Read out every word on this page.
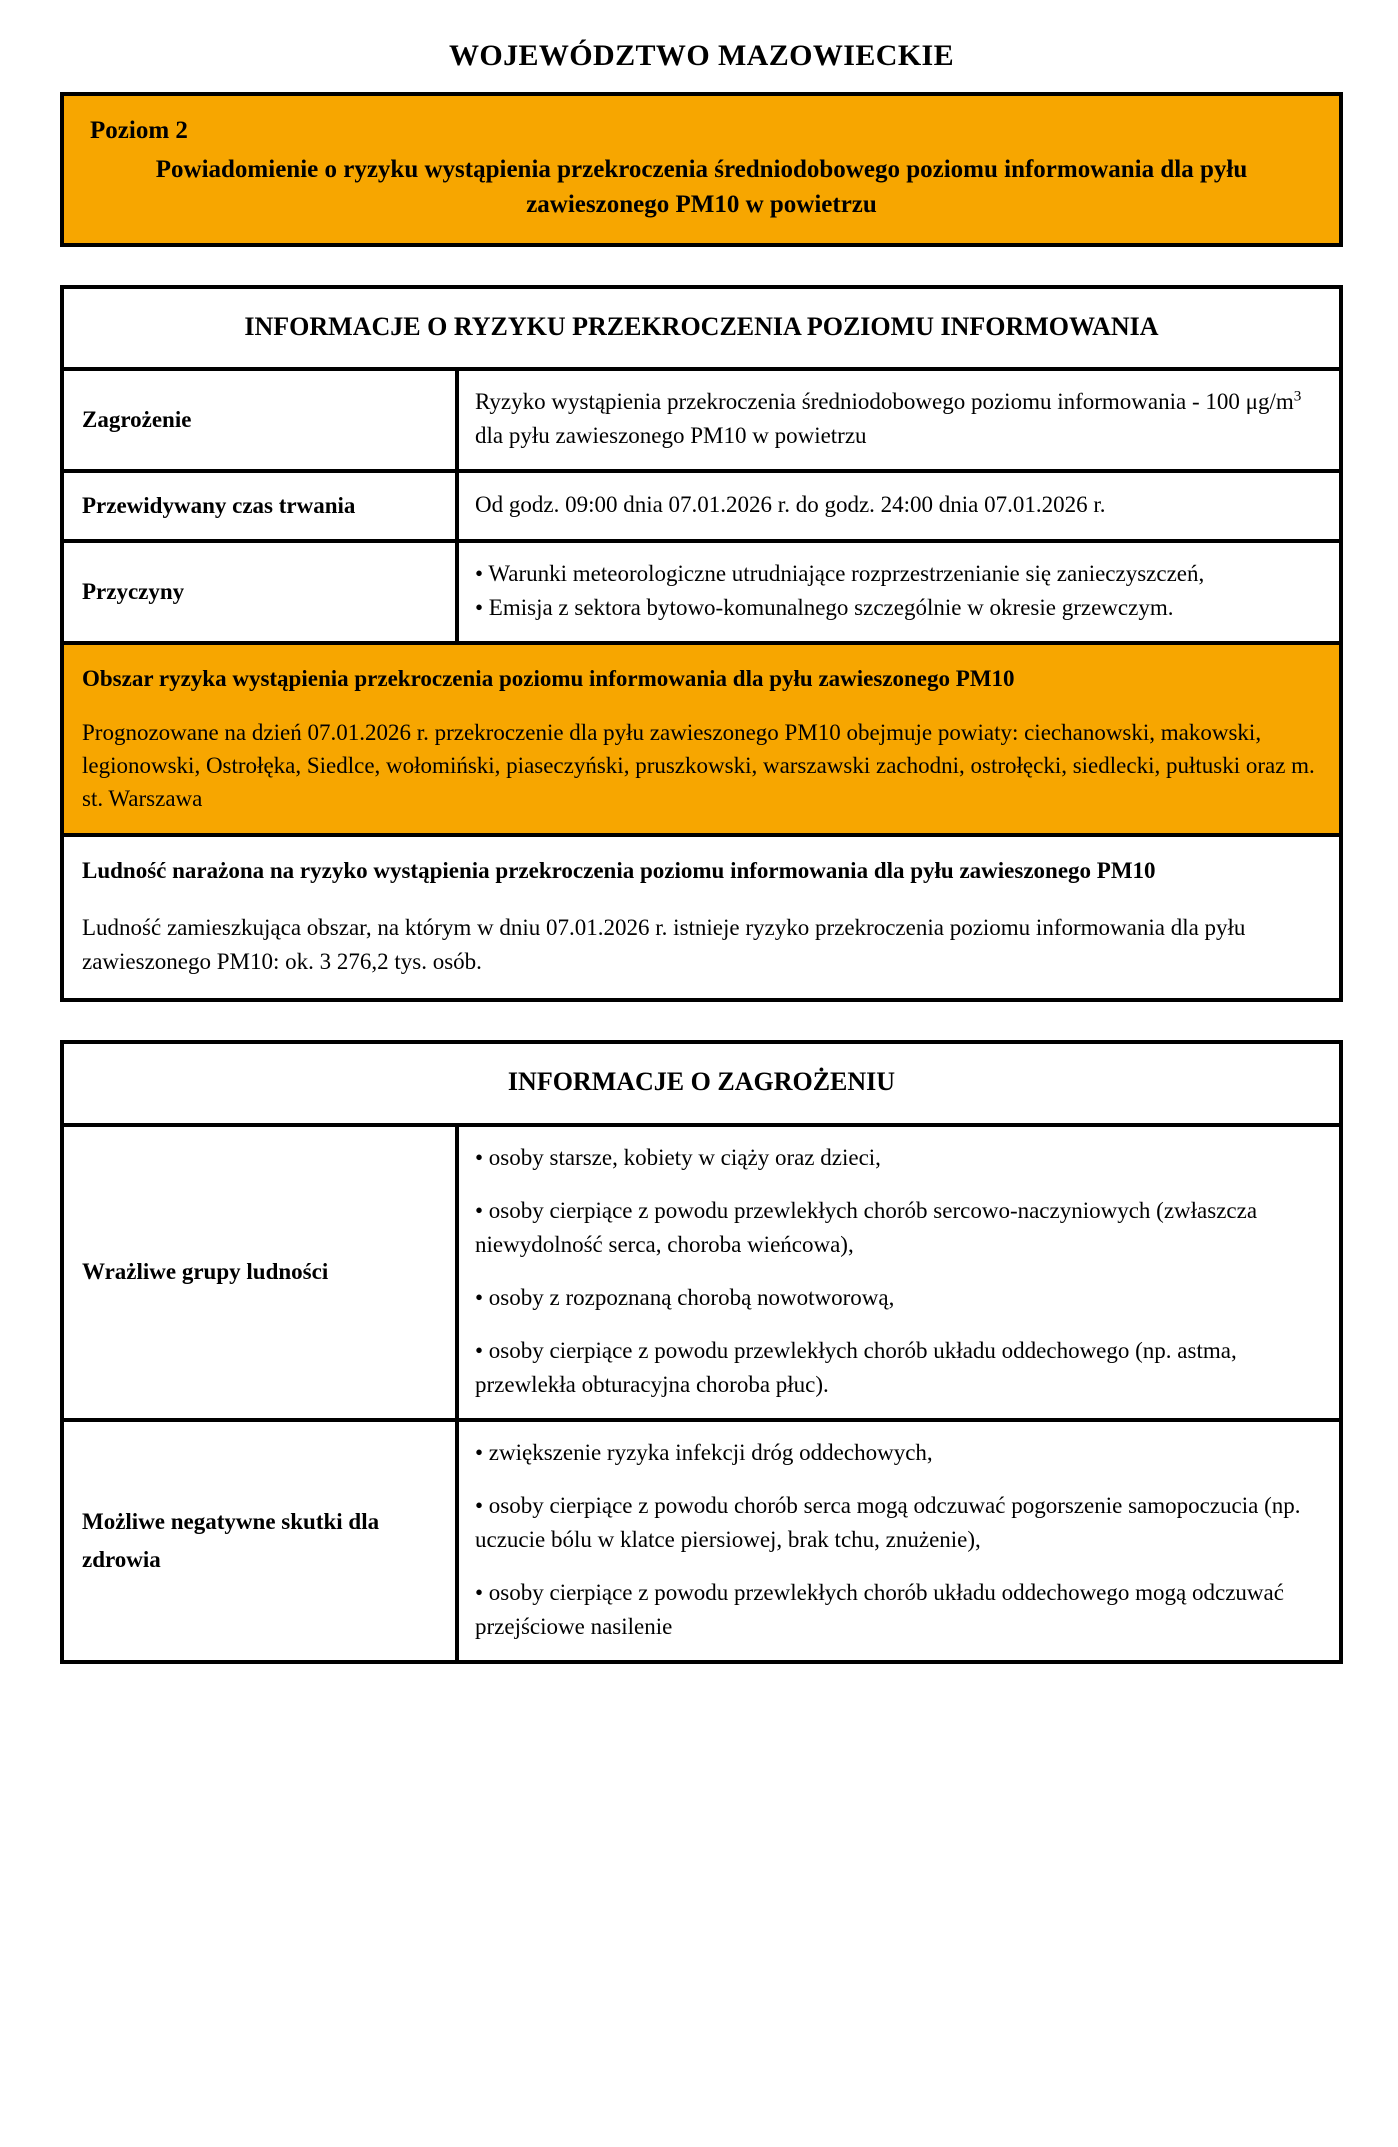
WOJEWÓDZTWO MAZOWIECKIE
Poziom 2
Powiadomienie o ryzyku wystąpienia przekroczenia średniodobowego poziomu informowania dla pyłu zawieszonego PM10 w powietrzu
INFORMACJE O RYZYKU PRZEKROCZENIA POZIOMU INFORMOWANIA
Zagrożenie

Ryzyko wystąpienia przekroczenia średniodobowego poziomu informowania - 100 $\mu g/m^3$ dla pyłu zawieszonego PM10 w powietrzu

Przewidywany czas trwania	Od godz. 09:00 dnia 07.01.2026 r. do godz. 24:00 dnia 07.01.2026 r.

Przyczyny

• Warunki meteorologiczne utrudniające rozprzestrzenianie się zanieczyszczeń,

• Emisja z sektora bytowo-komunalnego szczególnie w okresie grzewczym.

Obszar ryzyka wystąpienia przekroczenia poziomu informowania dla pyłu zawieszonego PM10

Prognozowane na dzień 07.01.2026 r. przekroczenie dla pyłu zawieszonego PM10 obejmuje powiaty: ciechanowski, makowski, legionowski, Ostrołęka, Siedlce, wołomiński, piaseczyński, pruszkowski, warszawski zachodni, ostrołęcki, siedlecki, pułtuski oraz m. st. Warszawa

Ludność narażona na ryzyko wystąpienia przekroczenia poziomu informowania dla pyłu zawieszonego PM10

Ludność zamieszkująca obszar, na którym w dniu 07.01.2026 r. istnieje ryzyko przekroczenia poziomu informowania dla pyłu zawieszonego PM10: ok. 3 276,2 tys. osób.

INFORMACJE O ZAGROŻENIU
Wrażliwe grupy ludności

• osoby starsze, kobiety w ciąży oraz dzieci,

• osoby cierpiące z powodu przewlekłych chorób sercowo-naczyniowych (zwłaszcza niewydolność serca, choroba wieńcowa),

• osoby z rozpoznaną chorobą nowotworową,

• osoby cierpiące z powodu przewlekłych chorób układu oddechowego (np. astma, przewlekła obturacyjna choroba płuc).

Możliwe negatywne skutki dla zdrowia

• zwiększenie ryzyka infekcji dróg oddechowych,

• osoby cierpiące z powodu chorób serca mogą odczuwać pogorszenie samopoczucia (np. uczucie bólu w klatce piersiowej, brak tchu, znużenie),

• osoby cierpiące z powodu przewlekłych chorób układu oddechowego mogą odczuwać przejściowe nasilenie
